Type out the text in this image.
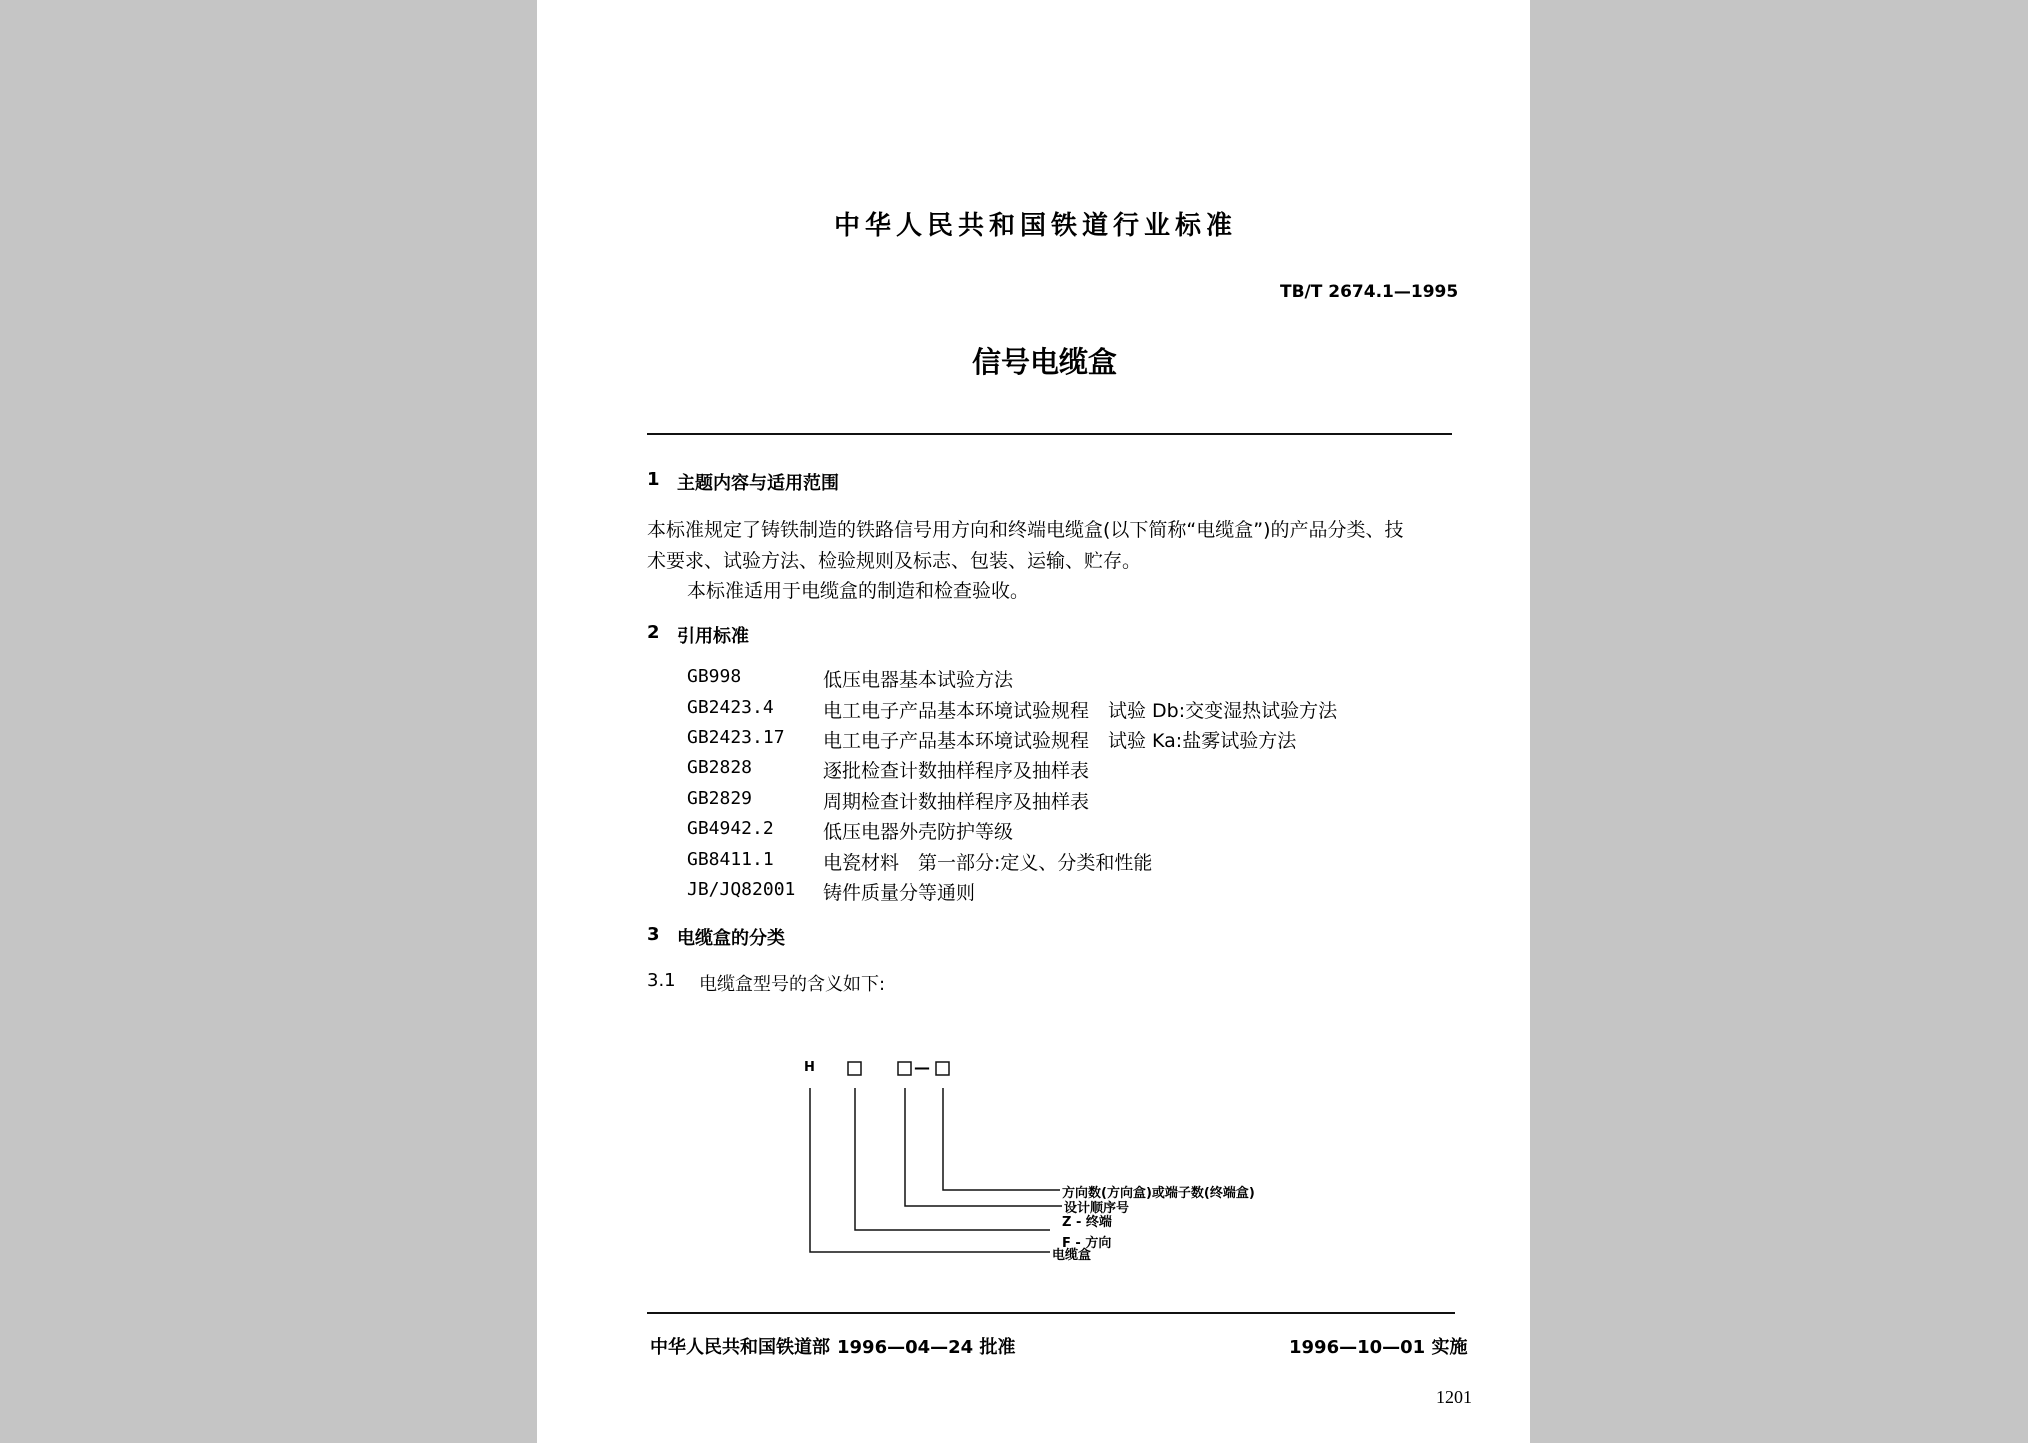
中华人民共和国铁道行业标准
TB/T 2674.1—1995
信号电缆盒
1 主题内容与适用范围
本标准规定了铸铁制造的铁路信号用方向和终端电缆盒(以下简称“电缆盒”)的产品分类、技
术要求、试验方法、检验规则及标志、包装、运输、贮存。
本标准适用于电缆盒的制造和检查验收。
2 引用标准
GB998	低压电器基本试验方法
GB2423.4	电工电子产品基本环境试验规程　试验 Db:交变湿热试验方法
GB2423.17 电工电子产品基本环境试验规程　试验 Ka:盐雾试验方法
GB2828	逐批检查计数抽样程序及抽样表
GB2829	周期检查计数抽样程序及抽样表
GB4942.2	低压电器外壳防护等级
GB8411.1	电瓷材料　第一部分:定义、分类和性能
JB/JQ82001 铸件质量分等通则
3 电缆盒的分类
3.1 电缆盒型号的含义如下:
H	—
方向数(方向盒)或端子数(终端盒)
设计顺序号
Z - 终端
F - 方向
电缆盒
中华人民共和国铁道部 1996—04—24 批准	1996—10—01 实施
1201
